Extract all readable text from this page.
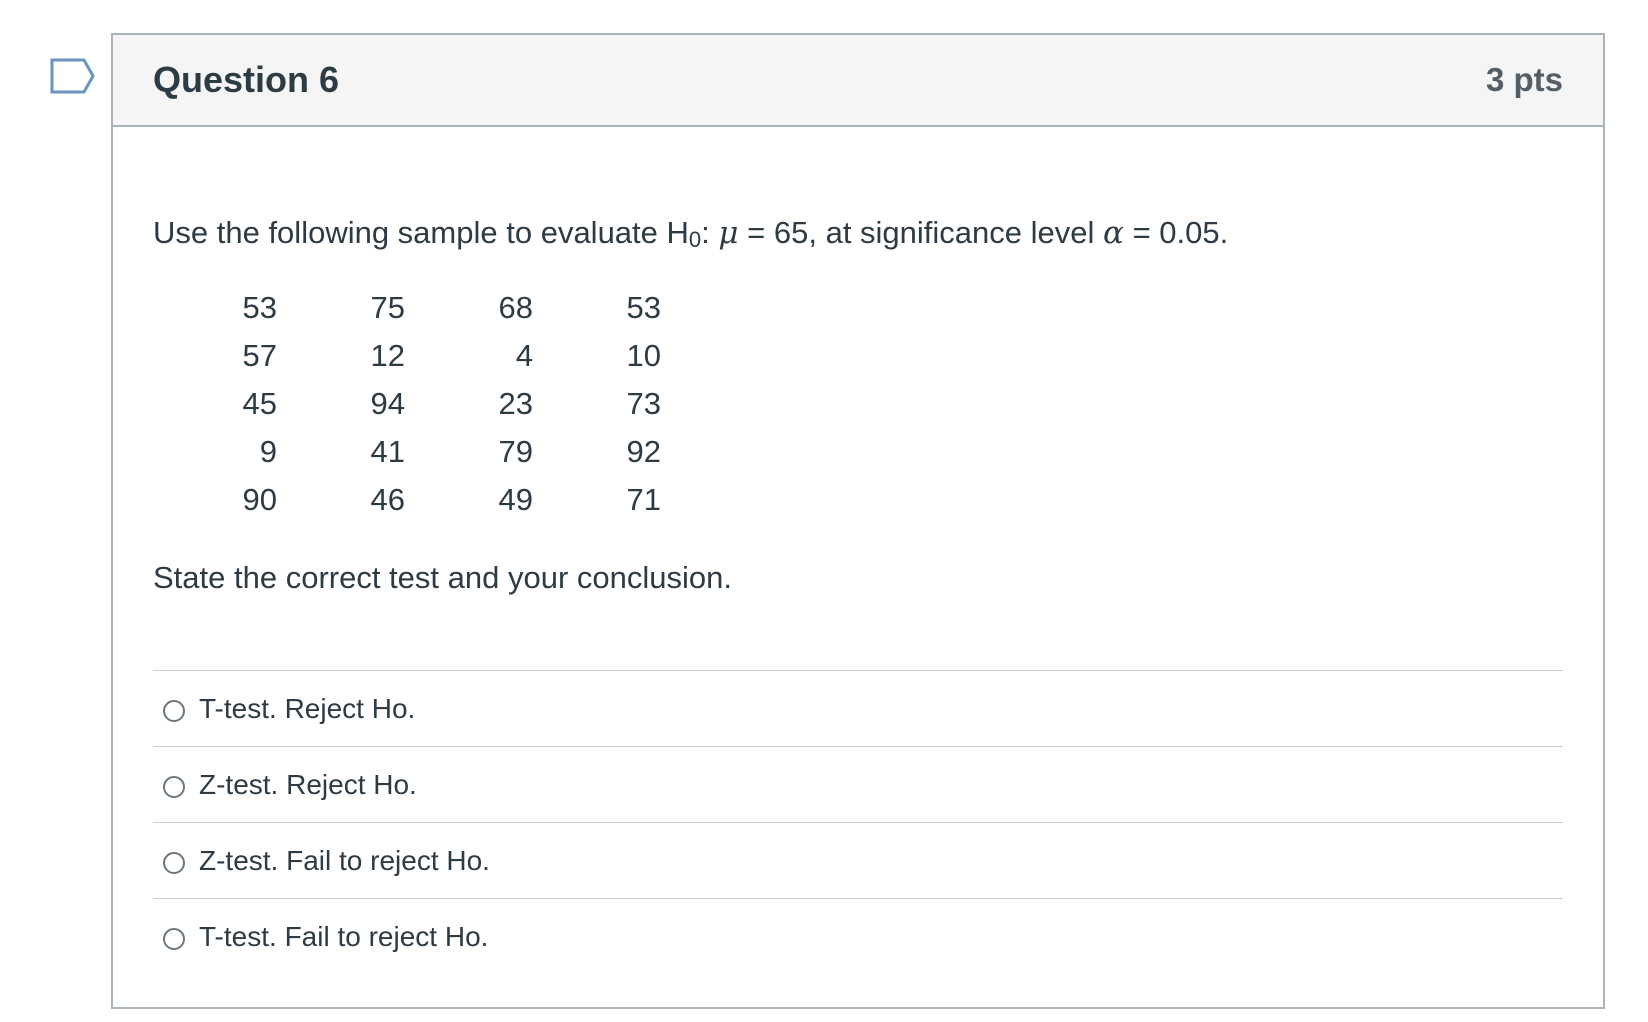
Question 6	3 pts
Use the following sample to evaluate $H_0$: μ = 65, at significance level α = 0.05.
53	75	68	53
57	12	4	10
45	94	23	73
9	41	79	92
90	46	49	71
State the correct test and your conclusion.
T-test. Reject Ho.
Z-test. Reject Ho.
Z-test. Fail to reject Ho.
T-test. Fail to reject Ho.
